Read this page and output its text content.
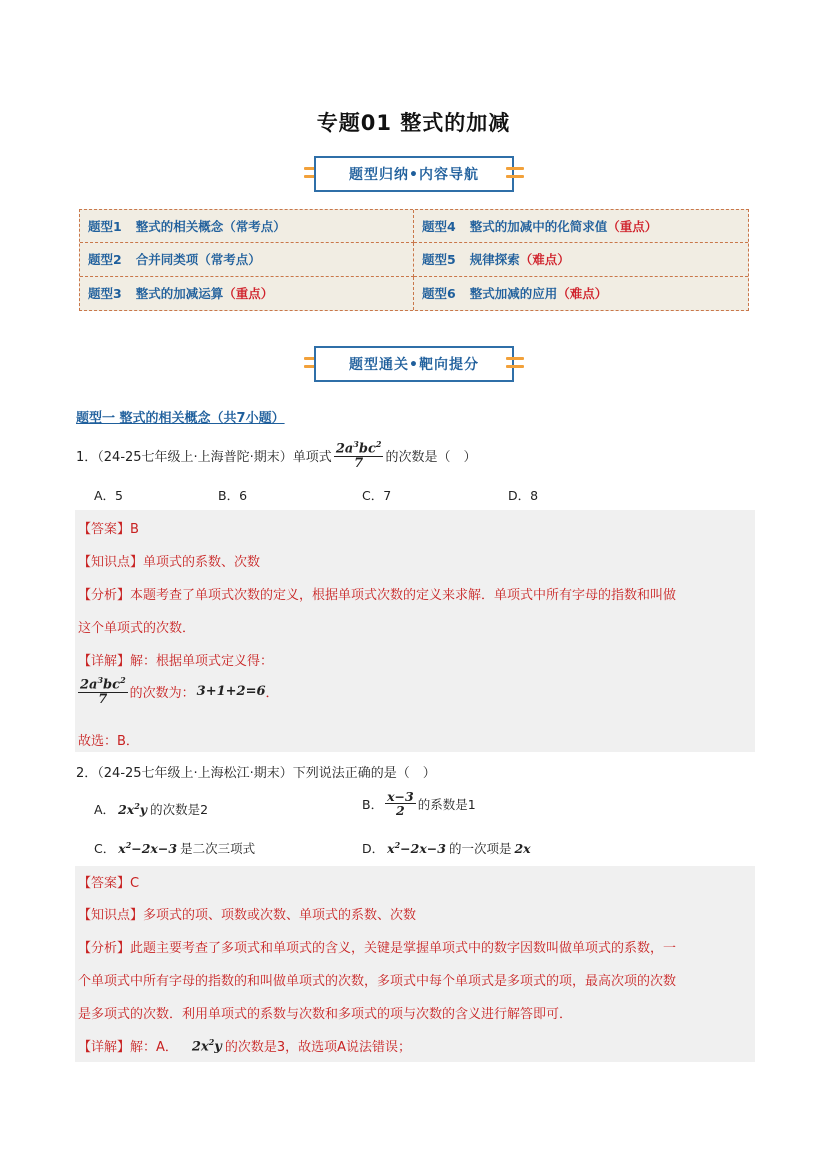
专题01 整式的加减
题型归纳•内容导航
题型1 整式的相关概念 （常考点）	题型4 整式的加减中的化简求值 （重点）
题型2 合并同类项 （常考点）	题型5 规律探索 （难点）
题型3 整式的加减运算 （重点）	题型6 整式加减的应用 （难点）
题型通关•靶向提分
题型一 整式的相关概念（共7小题）
1．（24-25七年级上·上海普陀·期末）单项式 $\frac{2a^3bc^2}{7}$ 的次数是（　）
A．5	B．6	C．7	D．8
【答案】B
【知识点】单项式的系数、次数
【分析】本题考查了单项式次数的定义，根据单项式次数的定义来求解．单项式中所有字母的指数和叫做
这个单项式的次数．
【详解】解：根据单项式定义得：
$\frac{2a^3bc^2}{7}$ 的次数为： 3+1+2=6 ．
故选：B．
2．（24-25七年级上·上海松江·期末）下列说法正确的是（　）
A． $2x^2y$ 的次数是2	B． $\frac{x-3}{2}$ 的系数是1
C． $x^2-2x-3$ 是二次三项式	D． $x^2-2x-3$ 的一次项是 2x
【答案】C
【知识点】多项式的项、项数或次数、单项式的系数、次数
【分析】此题主要考查了多项式和单项式的含义，关键是掌握单项式中的数字因数叫做单项式的系数，一
个单项式中所有字母的指数的和叫做单项式的次数，多项式中每个单项式是多项式的项，最高次项的次数
是多项式的次数．利用单项式的系数与次数和多项式的项与次数的含义进行解答即可．
【详解】解：A． $2x^2y$ 的次数是3，故选项A说法错误；
